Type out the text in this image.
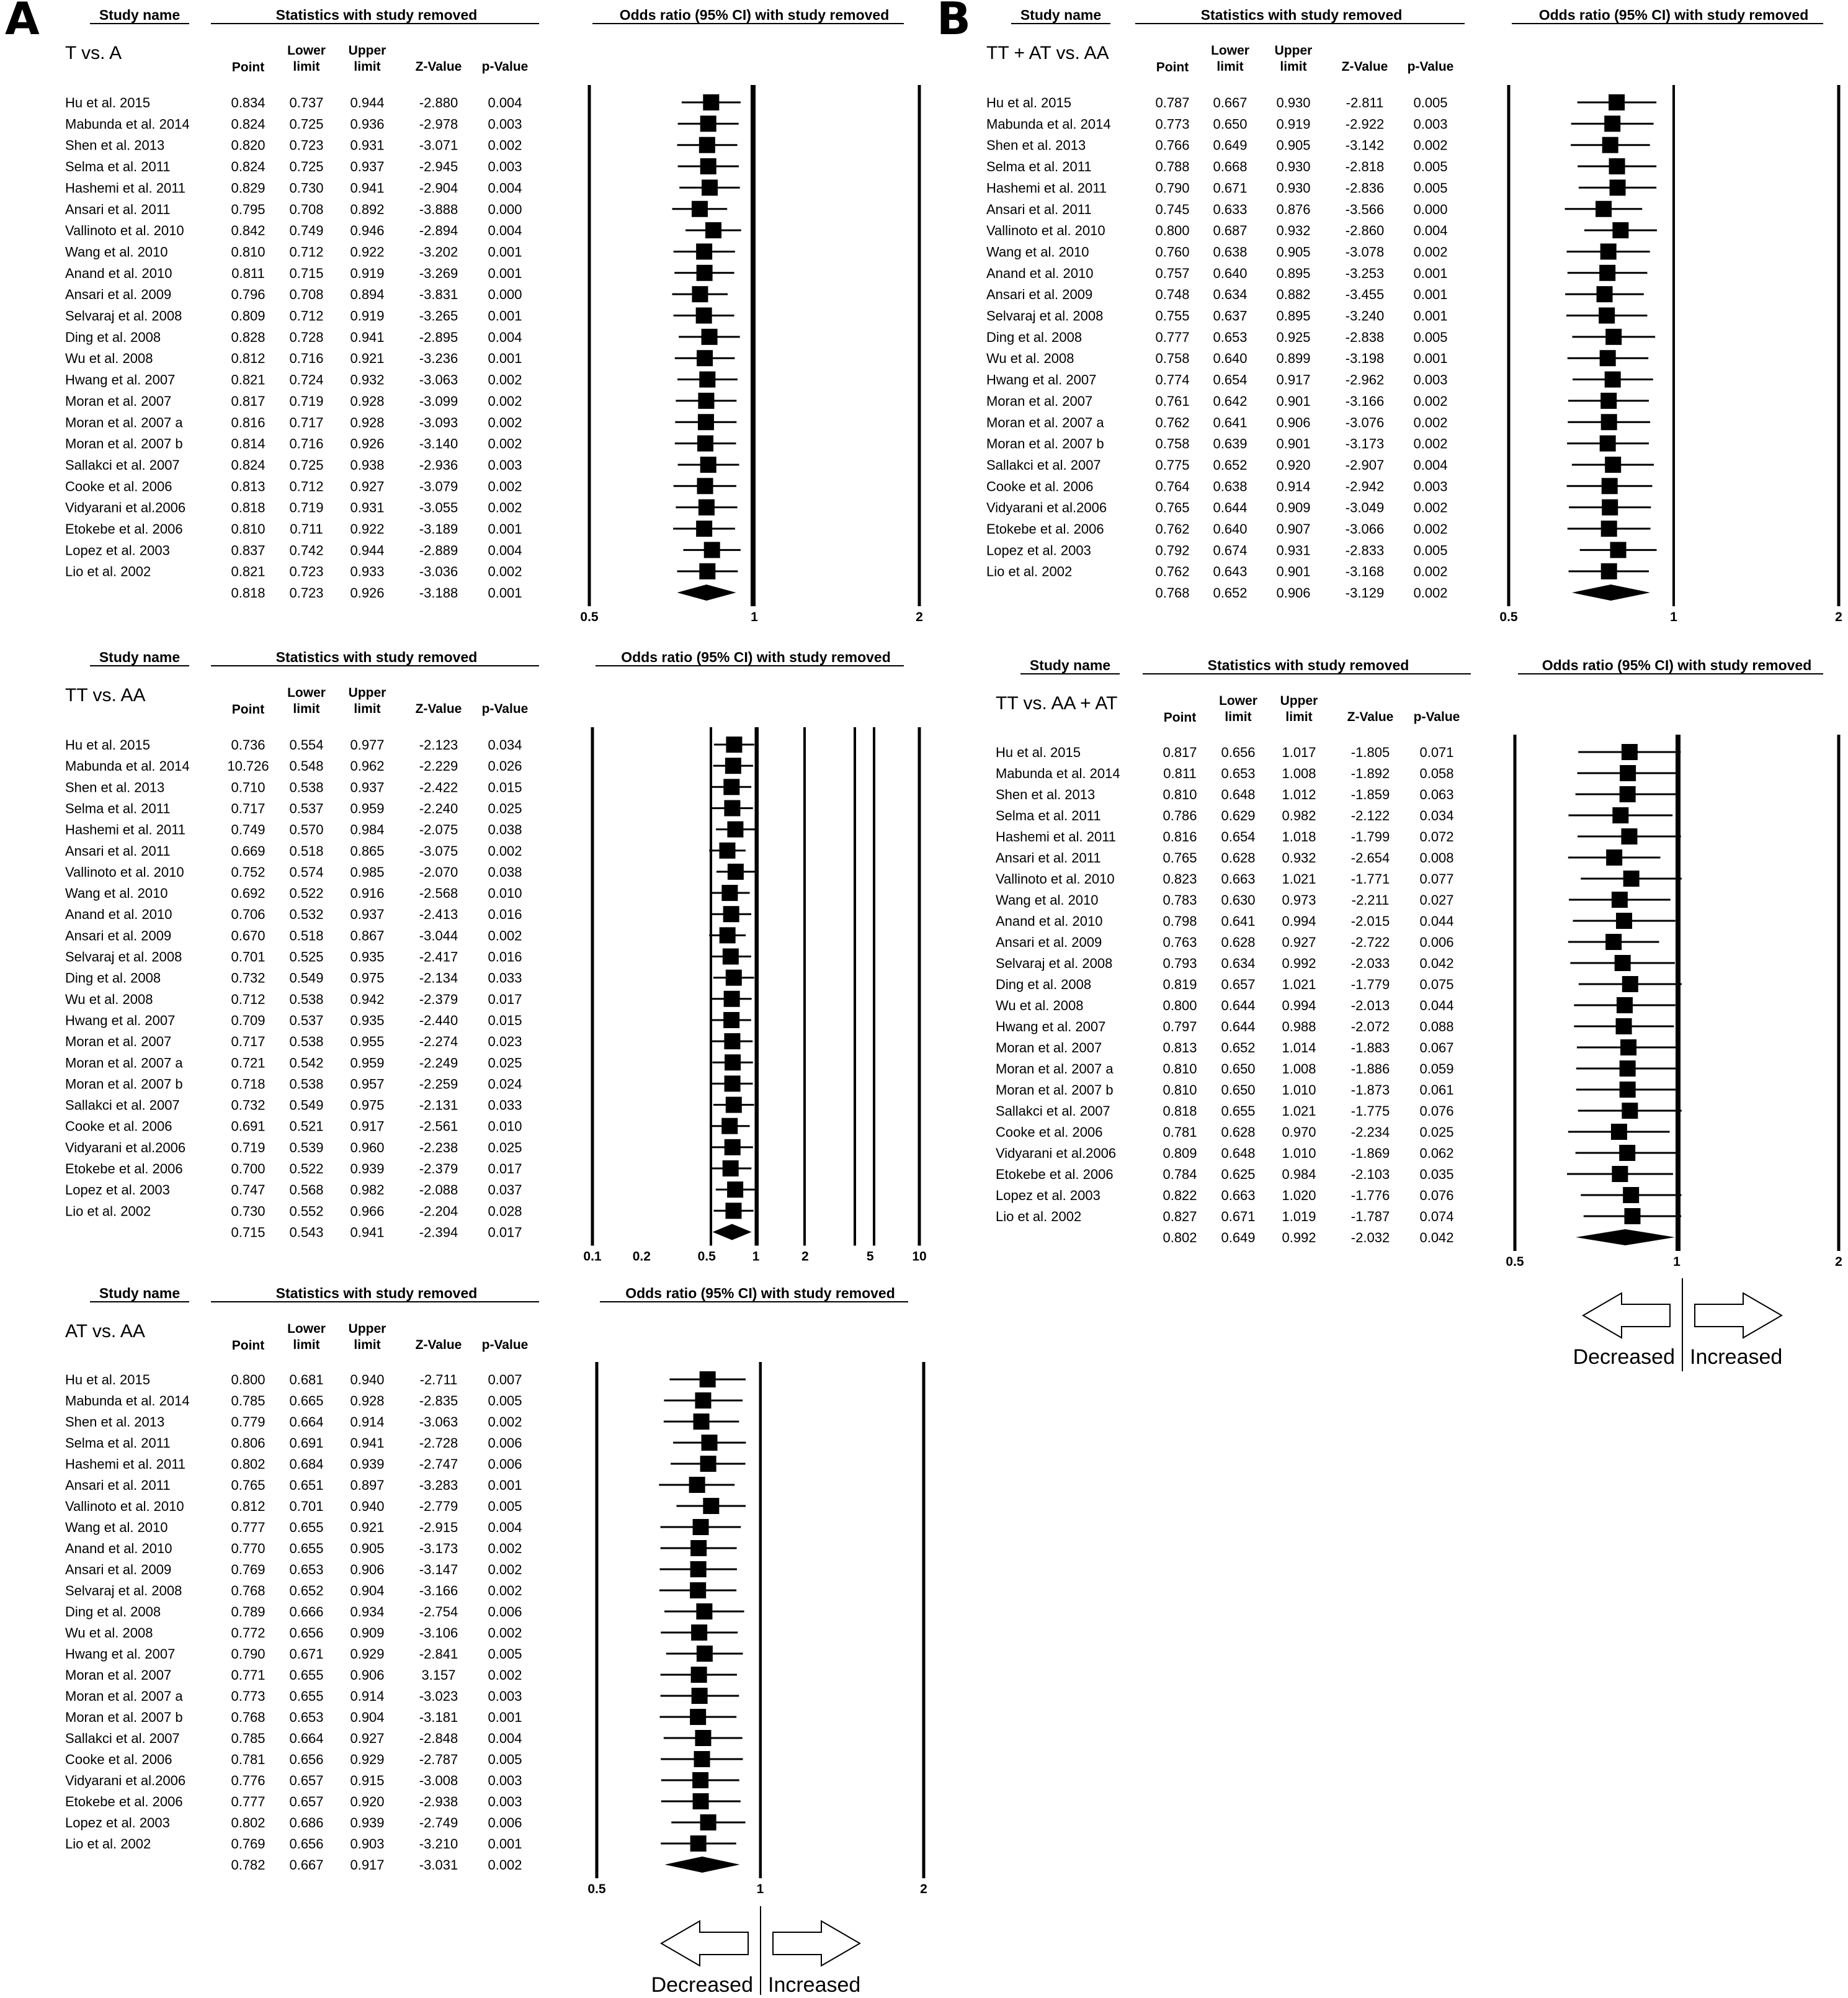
A	B
Study name	Statistics with study removed	Odds ratio (95% CI) with study removed
T vs. A
Point
Lower
limit
Upper
limit	Z-Value p-Value
Hu et al. 2015	0.834 0.737 0.944	-2.880 0.004
Mabunda et al. 2014	0.824 0.725 0.936	-2.978 0.003
Shen et al. 2013	0.820 0.723 0.931	-3.071 0.002
Selma et al. 2011	0.824 0.725 0.937	-2.945 0.003
Hashemi et al. 2011	0.829 0.730 0.941	-2.904 0.004
Ansari et al. 2011	0.795 0.708 0.892	-3.888 0.000
Vallinoto et al. 2010	0.842 0.749 0.946	-2.894 0.004
Wang et al. 2010	0.810 0.712 0.922	-3.202 0.001
Anand et al. 2010	0.811 0.715 0.919	-3.269 0.001
Ansari et al. 2009	0.796 0.708 0.894	-3.831 0.000
Selvaraj et al. 2008	0.809 0.712 0.919	-3.265 0.001
Ding et al. 2008	0.828 0.728 0.941	-2.895 0.004
Wu et al. 2008	0.812 0.716 0.921	-3.236 0.001
Hwang et al. 2007	0.821 0.724 0.932	-3.063 0.002
Moran et al. 2007	0.817 0.719 0.928	-3.099 0.002
Moran et al. 2007 a	0.816 0.717 0.928	-3.093 0.002
Moran et al. 2007 b	0.814 0.716 0.926	-3.140 0.002
Sallakci et al. 2007	0.824 0.725 0.938	-2.936 0.003
Cooke et al. 2006	0.813 0.712 0.927	-3.079 0.002
Vidyarani et al.2006	0.818 0.719 0.931	-3.055 0.002
Etokebe et al. 2006	0.810 0.711 0.922	-3.189 0.001
Lopez et al. 2003	0.837 0.742 0.944	-2.889 0.004
Lio et al. 2002	0.821 0.723 0.933	-3.036 0.002
0.818 0.723 0.926	-3.188 0.001
0.5	1	2
Study name	Statistics with study removed	Odds ratio (95% CI) with study removed
TT vs. AA
Point
Lower
limit
Upper
limit	Z-Value p-Value
Hu et al. 2015	0.736 0.554 0.977	-2.123 0.034
Mabunda et al. 2014	10.726 0.548 0.962	-2.229 0.026
Shen et al. 2013	0.710 0.538 0.937	-2.422 0.015
Selma et al. 2011	0.717 0.537 0.959	-2.240 0.025
Hashemi et al. 2011	0.749 0.570 0.984	-2.075 0.038
Ansari et al. 2011	0.669 0.518 0.865	-3.075 0.002
Vallinoto et al. 2010	0.752 0.574 0.985	-2.070 0.038
Wang et al. 2010	0.692 0.522 0.916	-2.568 0.010
Anand et al. 2010	0.706 0.532 0.937	-2.413 0.016
Ansari et al. 2009	0.670 0.518 0.867	-3.044 0.002
Selvaraj et al. 2008	0.701 0.525 0.935	-2.417 0.016
Ding et al. 2008	0.732 0.549 0.975	-2.134 0.033
Wu et al. 2008	0.712 0.538 0.942	-2.379 0.017
Hwang et al. 2007	0.709 0.537 0.935	-2.440 0.015
Moran et al. 2007	0.717 0.538 0.955	-2.274 0.023
Moran et al. 2007 a	0.721 0.542 0.959	-2.249 0.025
Moran et al. 2007 b	0.718 0.538 0.957	-2.259 0.024
Sallakci et al. 2007	0.732 0.549 0.975	-2.131 0.033
Cooke et al. 2006	0.691 0.521 0.917	-2.561 0.010
Vidyarani et al.2006	0.719 0.539 0.960	-2.238 0.025
Etokebe et al. 2006	0.700 0.522 0.939	-2.379 0.017
Lopez et al. 2003	0.747 0.568 0.982	-2.088 0.037
Lio et al. 2002	0.730 0.552 0.966	-2.204 0.028
0.715 0.543 0.941	-2.394 0.017
0.1 0.2	0.5	1	2	5	10
Study name	Statistics with study removed	Odds ratio (95% CI) with study removed
AT vs. AA
Point
Lower
limit
Upper
limit	Z-Value p-Value
Hu et al. 2015	0.800 0.681 0.940	-2.711 0.007
Mabunda et al. 2014	0.785 0.665 0.928	-2.835 0.005
Shen et al. 2013	0.779 0.664 0.914	-3.063 0.002
Selma et al. 2011	0.806 0.691 0.941	-2.728 0.006
Hashemi et al. 2011	0.802 0.684 0.939	-2.747 0.006
Ansari et al. 2011	0.765 0.651 0.897	-3.283 0.001
Vallinoto et al. 2010	0.812 0.701 0.940	-2.779 0.005
Wang et al. 2010	0.777 0.655 0.921	-2.915 0.004
Anand et al. 2010	0.770 0.655 0.905	-3.173 0.002
Ansari et al. 2009	0.769 0.653 0.906	-3.147 0.002
Selvaraj et al. 2008	0.768 0.652 0.904	-3.166 0.002
Ding et al. 2008	0.789 0.666 0.934	-2.754 0.006
Wu et al. 2008	0.772 0.656 0.909	-3.106 0.002
Hwang et al. 2007	0.790 0.671 0.929	-2.841 0.005
Moran et al. 2007	0.771 0.655 0.906	3.157 0.002
Moran et al. 2007 a	0.773 0.655 0.914	-3.023 0.003
Moran et al. 2007 b	0.768 0.653 0.904	-3.181 0.001
Sallakci et al. 2007	0.785 0.664 0.927	-2.848 0.004
Cooke et al. 2006	0.781 0.656 0.929	-2.787 0.005
Vidyarani et al.2006	0.776 0.657 0.915	-3.008 0.003
Etokebe et al. 2006	0.777 0.657 0.920	-2.938 0.003
Lopez et al. 2003	0.802 0.686 0.939	-2.749 0.006
Lio et al. 2002	0.769 0.656 0.903	-3.210 0.001
0.782 0.667 0.917	-3.031 0.002
0.5	1	2
Study name	Statistics with study removed	Odds ratio (95% CI) with study removed
TT + AT vs. AA
Point
Lower
limit
Upper
limit	Z-Value p-Value
Hu et al. 2015	0.787 0.667 0.930	-2.811 0.005
Mabunda et al. 2014	0.773 0.650 0.919	-2.922 0.003
Shen et al. 2013	0.766 0.649 0.905	-3.142 0.002
Selma et al. 2011	0.788 0.668 0.930	-2.818 0.005
Hashemi et al. 2011	0.790 0.671 0.930	-2.836 0.005
Ansari et al. 2011	0.745 0.633 0.876	-3.566 0.000
Vallinoto et al. 2010	0.800 0.687 0.932	-2.860 0.004
Wang et al. 2010	0.760 0.638 0.905	-3.078 0.002
Anand et al. 2010	0.757 0.640 0.895	-3.253 0.001
Ansari et al. 2009	0.748 0.634 0.882	-3.455 0.001
Selvaraj et al. 2008	0.755 0.637 0.895	-3.240 0.001
Ding et al. 2008	0.777 0.653 0.925	-2.838 0.005
Wu et al. 2008	0.758 0.640 0.899	-3.198 0.001
Hwang et al. 2007	0.774 0.654 0.917	-2.962 0.003
Moran et al. 2007	0.761 0.642 0.901	-3.166 0.002
Moran et al. 2007 a	0.762 0.641 0.906	-3.076 0.002
Moran et al. 2007 b	0.758 0.639 0.901	-3.173 0.002
Sallakci et al. 2007	0.775 0.652 0.920	-2.907 0.004
Cooke et al. 2006	0.764 0.638 0.914	-2.942 0.003
Vidyarani et al.2006	0.765 0.644 0.909	-3.049 0.002
Etokebe et al. 2006	0.762 0.640 0.907	-3.066 0.002
Lopez et al. 2003	0.792 0.674 0.931	-2.833 0.005
Lio et al. 2002	0.762 0.643 0.901	-3.168 0.002
0.768 0.652 0.906	-3.129 0.002
0.5	1	2
Study name	Statistics with study removed	Odds ratio (95% CI) with study removed
TT vs. AA + AT
Point
Lower
limit
Upper
limit	Z-Value p-Value
Hu et al. 2015	0.817 0.656 1.017	-1.805 0.071
Mabunda et al. 2014	0.811 0.653 1.008	-1.892 0.058
Shen et al. 2013	0.810 0.648 1.012	-1.859 0.063
Selma et al. 2011	0.786 0.629 0.982	-2.122 0.034
Hashemi et al. 2011	0.816 0.654 1.018	-1.799 0.072
Ansari et al. 2011	0.765 0.628 0.932	-2.654 0.008
Vallinoto et al. 2010	0.823 0.663 1.021	-1.771 0.077
Wang et al. 2010	0.783 0.630 0.973	-2.211 0.027
Anand et al. 2010	0.798 0.641 0.994	-2.015 0.044
Ansari et al. 2009	0.763 0.628 0.927	-2.722 0.006
Selvaraj et al. 2008	0.793 0.634 0.992	-2.033 0.042
Ding et al. 2008	0.819 0.657 1.021	-1.779 0.075
Wu et al. 2008	0.800 0.644 0.994	-2.013 0.044
Hwang et al. 2007	0.797 0.644 0.988	-2.072 0.088
Moran et al. 2007	0.813 0.652 1.014	-1.883 0.067
Moran et al. 2007 a	0.810 0.650 1.008	-1.886 0.059
Moran et al. 2007 b	0.810 0.650 1.010	-1.873 0.061
Sallakci et al. 2007	0.818 0.655 1.021	-1.775 0.076
Cooke et al. 2006	0.781 0.628 0.970	-2.234 0.025
Vidyarani et al.2006	0.809 0.648 1.010	-1.869 0.062
Etokebe et al. 2006	0.784 0.625 0.984	-2.103 0.035
Lopez et al. 2003	0.822 0.663 1.020	-1.776 0.076
Lio et al. 2002	0.827 0.671 1.019	-1.787 0.074
0.802 0.649 0.992	-2.032 0.042
0.5	1	2
Decreased Increased
Decreased Increased
